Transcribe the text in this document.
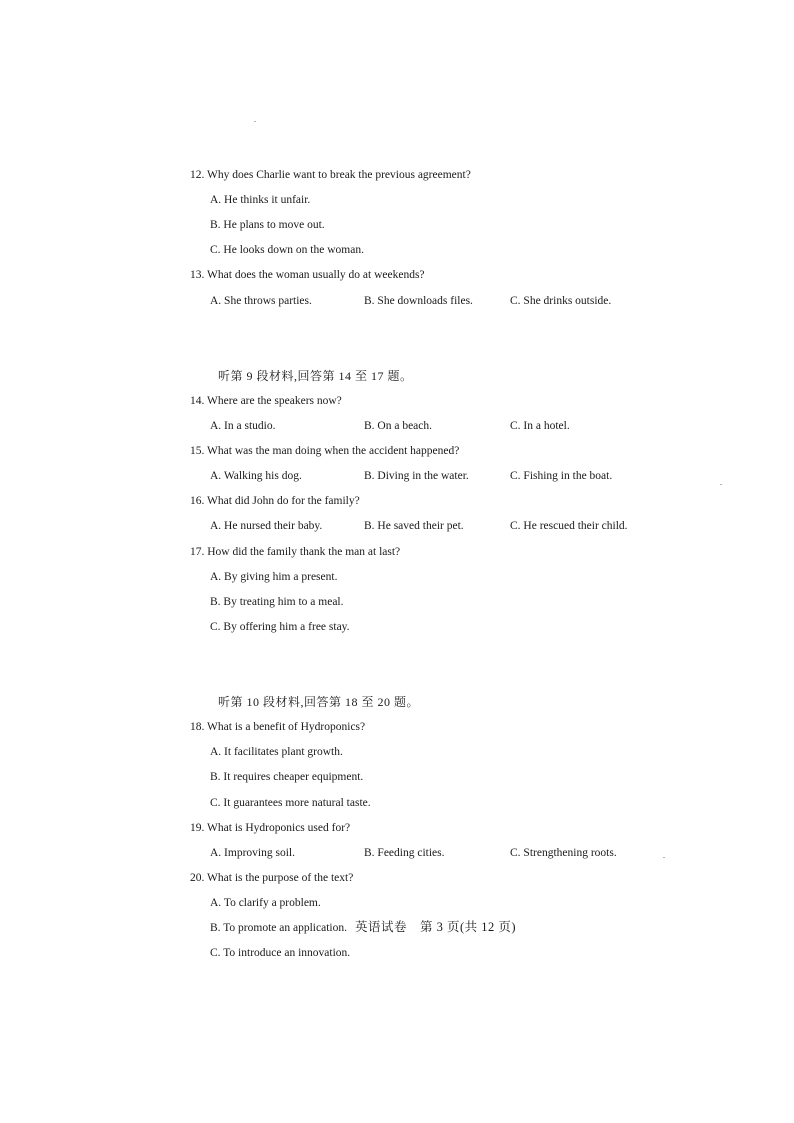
12. Why does Charlie want to break the previous agreement?
A. He thinks it unfair.
B. He plans to move out.
C. He looks down on the woman.
13. What does the woman usually do at weekends?
A. She throws parties.	B. She downloads files.	C. She drinks outside.
听第 9 段材料,回答第 14 至 17 题。
14. Where are the speakers now?
A. In a studio.	B. On a beach.	C. In a hotel.
15. What was the man doing when the accident happened?
A. Walking his dog.	B. Diving in the water.	C. Fishing in the boat.
16. What did John do for the family?
A. He nursed their baby.	B. He saved their pet.	C. He rescued their child.
17. How did the family thank the man at last?
A. By giving him a present.
B. By treating him to a meal.
C. By offering him a free stay.
听第 10 段材料,回答第 18 至 20 题。
18. What is a benefit of Hydroponics?
A. It facilitates plant growth.
B. It requires cheaper equipment.
C. It guarantees more natural taste.
19. What is Hydroponics used for?
A. Improving soil.	B. Feeding cities.	C. Strengthening roots.
20. What is the purpose of the text?
A. To clarify a problem.
B. To promote an application.
C. To introduce an innovation.
英语试卷　第 3 页(共 12 页)
